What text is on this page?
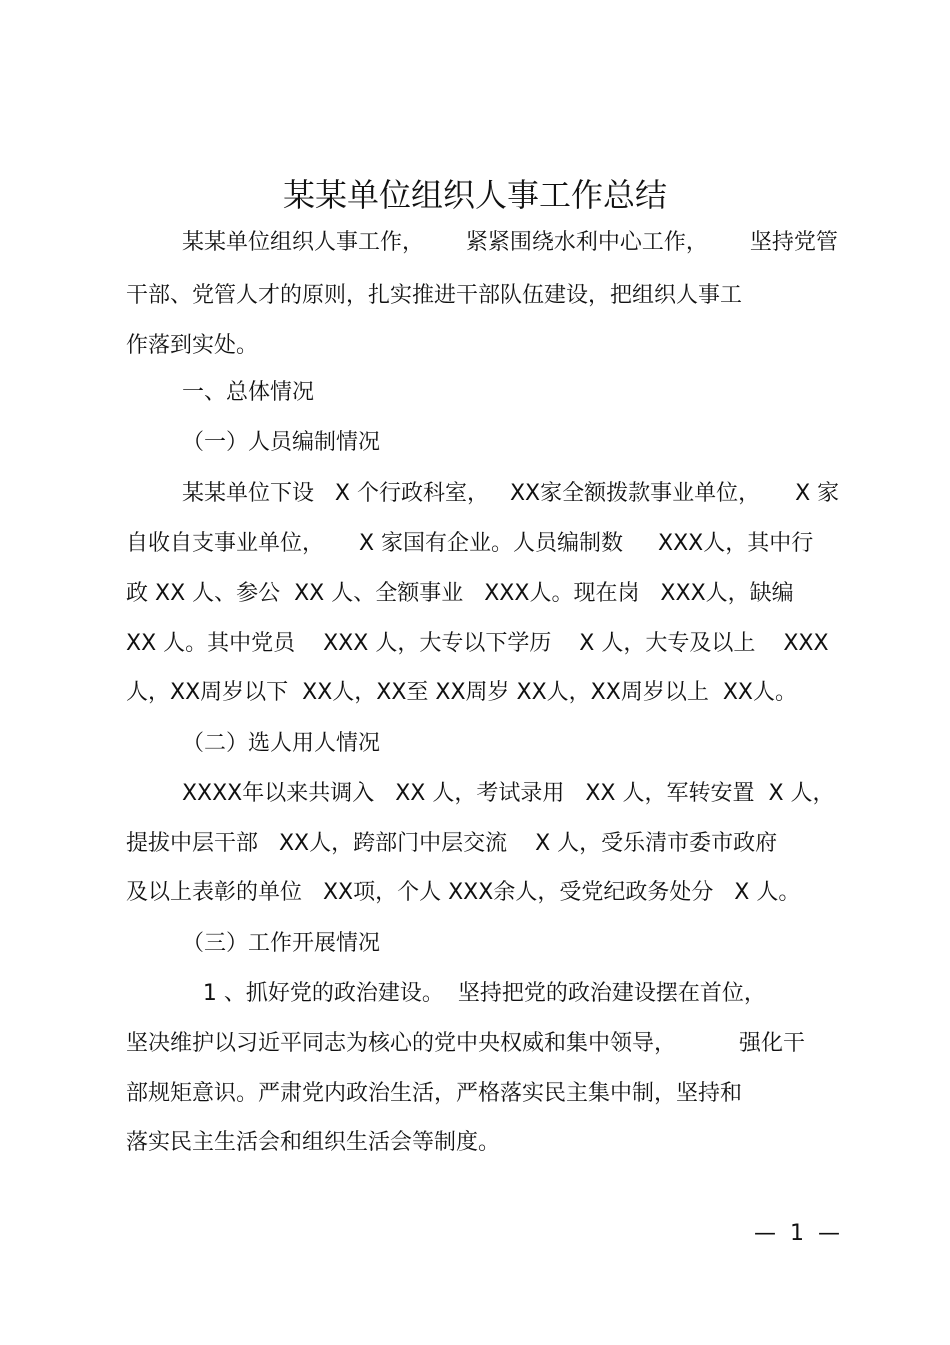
某某单位组织人事工作总结
某某单位组织人事工作，      紧紧围绕水利中心工作，      坚持党管
干部、党管人才的原则，扎实推进干部队伍建设，把组织人事工
作落到实处。
一、总体情况
（一）人员编制情况
某某单位下设   X 个行政科室，   XX家全额拨款事业单位，     X 家
自收自支事业单位，     X 家国有企业。人员编制数     XXX人，其中行
政 XX 人、参公  XX 人、全额事业   XXX人。现在岗   XXX人，缺编
XX 人。其中党员    XXX 人，大专以下学历    X 人，大专及以上    XXX
人，XX周岁以下  XX人，XX至 XX周岁 XX人，XX周岁以上  XX人。
（二）选人用人情况
XXXX年以来共调入   XX 人，考试录用   XX 人，军转安置  X 人，
提拔中层干部   XX人，跨部门中层交流    X 人，受乐清市委市政府
及以上表彰的单位   XX项，个人 XXX余人，受党纪政务处分   X 人。
（三）工作开展情况
1 、抓好党的政治建设。  坚持把党的政治建设摆在首位，
坚决维护以习近平同志为核心的党中央权威和集中领导，         强化干
部规矩意识。严肃党内政治生活，严格落实民主集中制，坚持和
落实民主生活会和组织生活会等制度。
—  1  —
